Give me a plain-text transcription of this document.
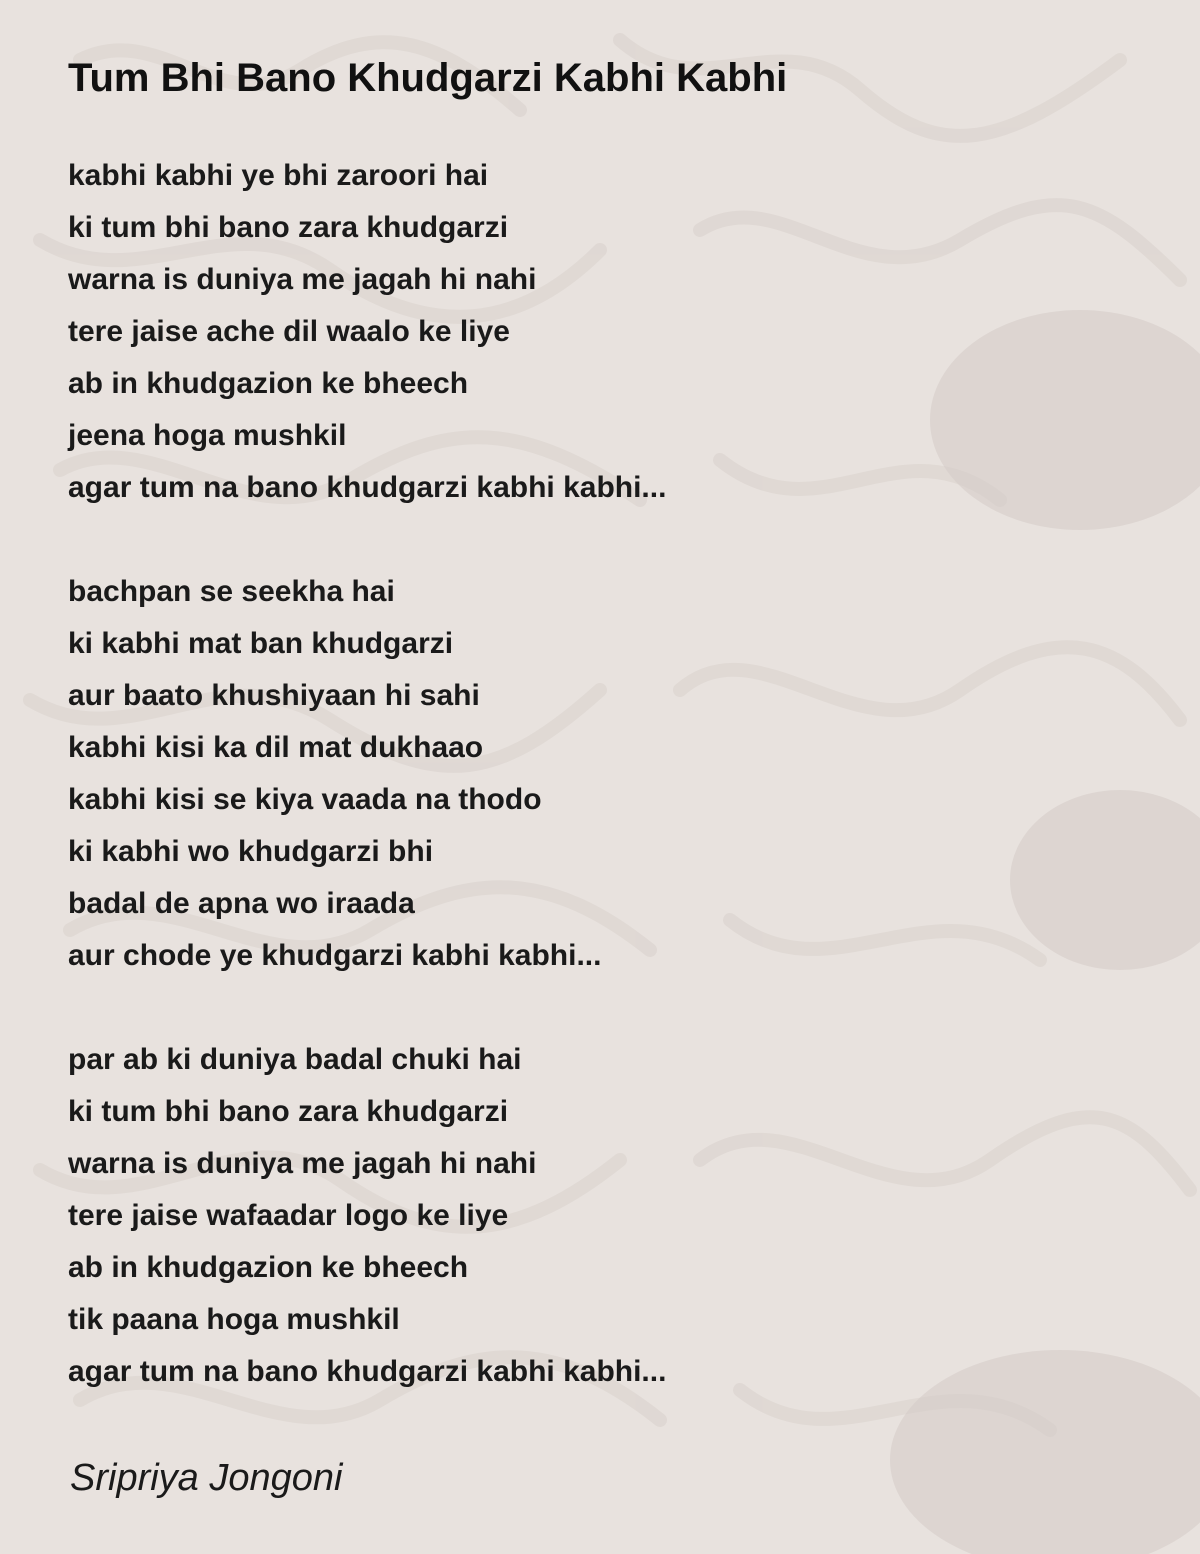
Tum Bhi Bano Khudgarzi Kabhi Kabhi
kabhi kabhi ye bhi zaroori hai
ki tum bhi bano zara khudgarzi
warna is duniya me jagah hi nahi
tere jaise ache dil waalo ke liye
ab in khudgazion ke bheech
jeena hoga mushkil
agar tum na bano khudgarzi kabhi kabhi...
bachpan se seekha hai
ki kabhi mat ban khudgarzi
aur baato khushiyaan hi sahi
kabhi kisi ka dil mat dukhaao
kabhi kisi se kiya vaada na thodo
ki kabhi wo khudgarzi bhi
badal de apna wo iraada
aur chode ye khudgarzi kabhi kabhi...
par ab ki duniya badal chuki hai
ki tum bhi bano zara khudgarzi
warna is duniya me jagah hi nahi
tere jaise wafaadar logo ke liye
ab in khudgazion ke bheech
tik paana hoga mushkil
agar tum na bano khudgarzi kabhi kabhi...
Sripriya Jongoni
